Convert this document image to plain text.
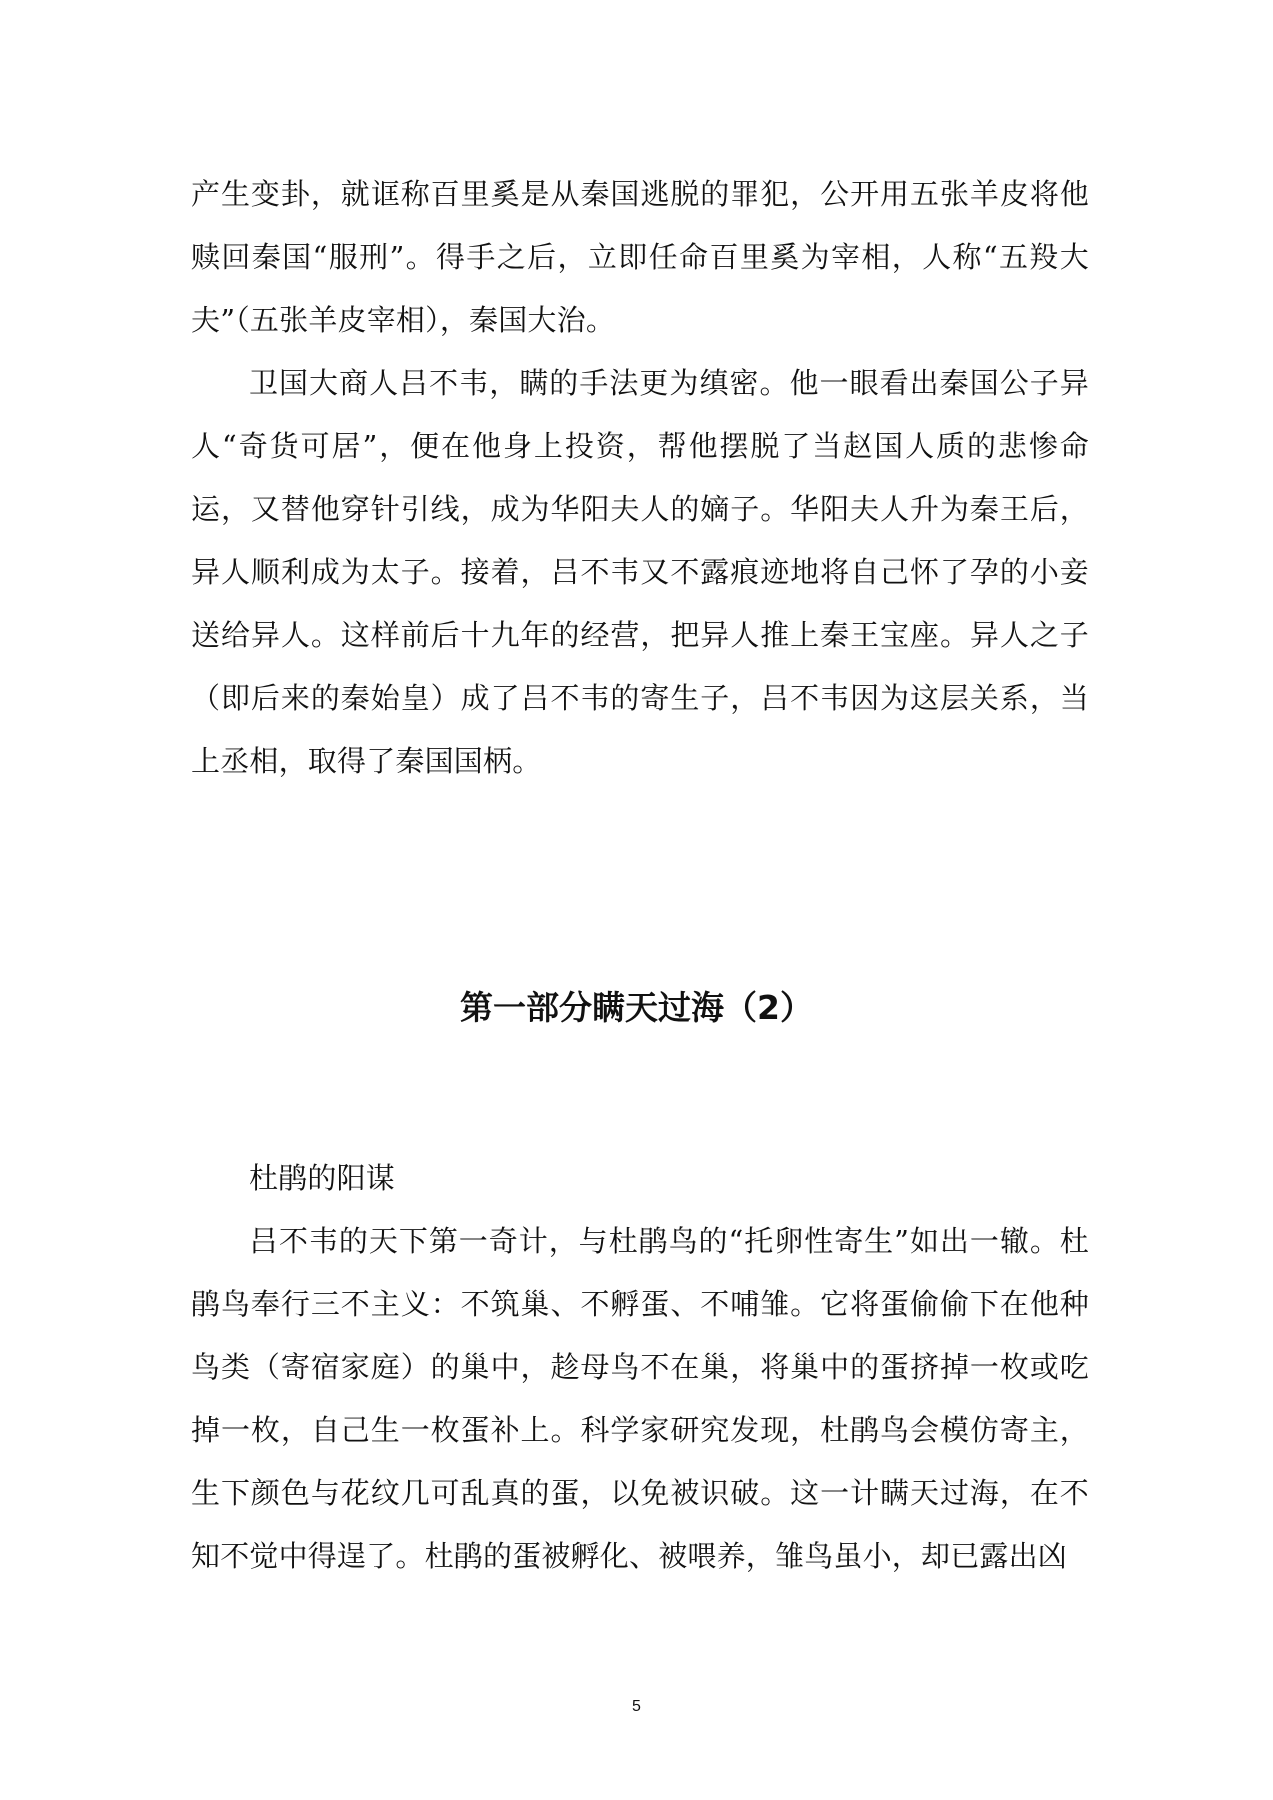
产生变卦，就诓称百里奚是从秦国逃脱的罪犯，公开用五张羊皮将他赎回秦国“服刑”。得手之后，立即任命百里奚为宰相，人称“五羖大夫”（五张羊皮宰相），秦国大治。

卫国大商人吕不韦，瞒的手法更为缜密。他一眼看出秦国公子异人“奇货可居”，便在他身上投资，帮他摆脱了当赵国人质的悲惨命运，又替他穿针引线，成为华阳夫人的嫡子。华阳夫人升为秦王后，异人顺利成为太子。接着，吕不韦又不露痕迹地将自己怀了孕的小妾送给异人。这样前后十九年的经营，把异人推上秦王宝座。异人之子（即后来的秦始皇）成了吕不韦的寄生子，吕不韦因为这层关系，当上丞相，取得了秦国国柄。

第一部分瞒天过海（2）

杜鹃的阳谋

吕不韦的天下第一奇计，与杜鹃鸟的“托卵性寄生”如出一辙。杜鹃鸟奉行三不主义：不筑巢、不孵蛋、不哺雏。它将蛋偷偷下在他种鸟类（寄宿家庭）的巢中，趁母鸟不在巢，将巢中的蛋挤掉一枚或吃掉一枚，自己生一枚蛋补上。科学家研究发现，杜鹃鸟会模仿寄主，生下颜色与花纹几可乱真的蛋，以免被识破。这一计瞒天过海，在不知不觉中得逞了。杜鹃的蛋被孵化、被喂养，雏鸟虽小，却已露出凶

5
